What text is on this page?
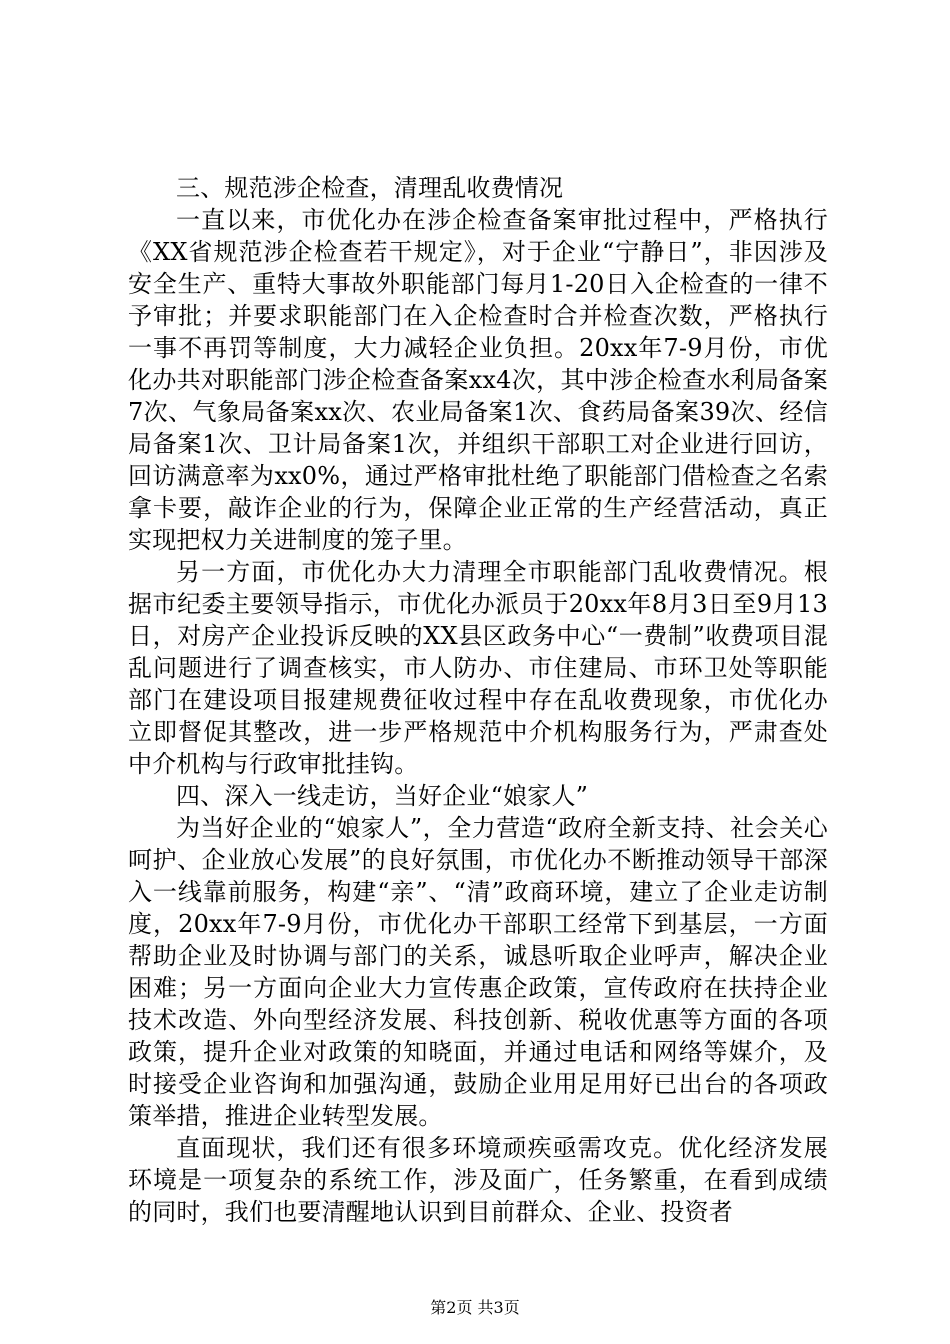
三、规范涉企检查，清理乱收费情况

一直以来，市优化办在涉企检查备案审批过程中，严格执行《XX省规范涉企检查若干规定》，对于企业“宁静日”，非因涉及安全生产、重特大事故外职能部门每月1-20日入企检查的一律不予审批；并要求职能部门在入企检查时合并检查次数，严格执行一事不再罚等制度，大力减轻企业负担。20xx年7-9月份，市优化办共对职能部门涉企检查备案xx4次，其中涉企检查水利局备案7次、气象局备案xx次、农业局备案1次、食药局备案39次、经信局备案1次、卫计局备案1次，并组织干部职工对企业进行回访，回访满意率为xx0%，通过严格审批杜绝了职能部门借检查之名索拿卡要，敲诈企业的行为，保障企业正常的生产经营活动，真正实现把权力关进制度的笼子里。

另一方面，市优化办大力清理全市职能部门乱收费情况。根据市纪委主要领导指示，市优化办派员于20xx年8月3日至9月13日，对房产企业投诉反映的XX县区政务中心“一费制”收费项目混乱问题进行了调查核实，市人防办、市住建局、市环卫处等职能部门在建设项目报建规费征收过程中存在乱收费现象，市优化办立即督促其整改，进一步严格规范中介机构服务行为，严肃查处中介机构与行政审批挂钩。

四、深入一线走访，当好企业“娘家人”

为当好企业的“娘家人”，全力营造“政府全新支持、社会关心呵护、企业放心发展”的良好氛围，市优化办不断推动领导干部深入一线靠前服务，构建“亲”、“清”政商环境，建立了企业走访制度，20xx年7-9月份，市优化办干部职工经常下到基层，一方面帮助企业及时协调与部门的关系，诚恳听取企业呼声，解决企业困难；另一方面向企业大力宣传惠企政策，宣传政府在扶持企业技术改造、外向型经济发展、科技创新、税收优惠等方面的各项政策，提升企业对政策的知晓面，并通过电话和网络等媒介，及时接受企业咨询和加强沟通，鼓励企业用足用好已出台的各项政策举措，推进企业转型发展。

直面现状，我们还有很多环境顽疾亟需攻克。优化经济发展环境是一项复杂的系统工作，涉及面广，任务繁重，在看到成绩的同时，我们也要清醒地认识到目前群众、企业、投资者

第2页 共3页
